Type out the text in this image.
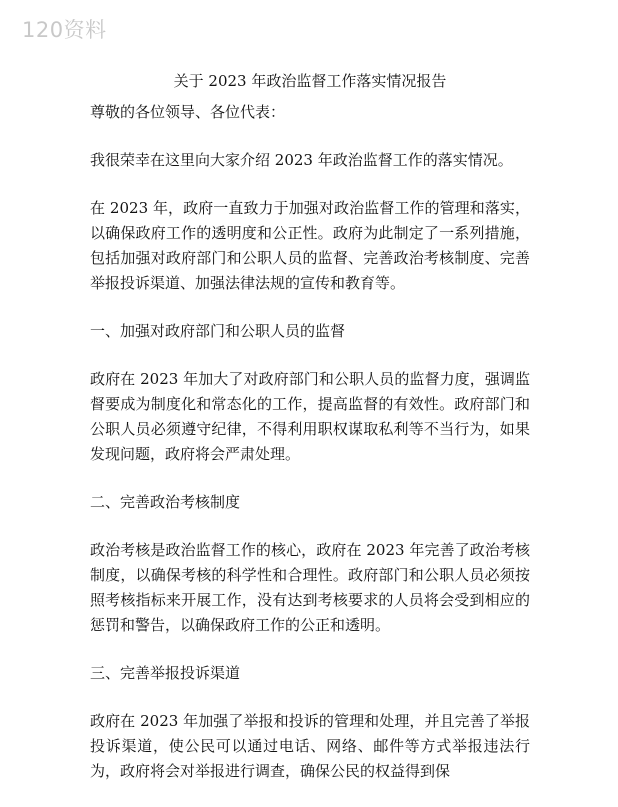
120资料
关于 2023 年政治监督工作落实情况报告

尊敬的各位领导、各位代表：

我很荣幸在这里向大家介绍 2023 年政治监督工作的落实情况。

在 2023 年，政府一直致力于加强对政治监督工作的管理和落实，以确保政府工作的透明度和公正性。政府为此制定了一系列措施，包括加强对政府部门和公职人员的监督、完善政治考核制度、完善举报投诉渠道、加强法律法规的宣传和教育等。

一、加强对政府部门和公职人员的监督

政府在 2023 年加大了对政府部门和公职人员的监督力度，强调监督要成为制度化和常态化的工作，提高监督的有效性。政府部门和公职人员必须遵守纪律，不得利用职权谋取私利等不当行为，如果发现问题，政府将会严肃处理。

二、完善政治考核制度

政治考核是政治监督工作的核心，政府在 2023 年完善了政治考核制度，以确保考核的科学性和合理性。政府部门和公职人员必须按照考核指标来开展工作，没有达到考核要求的人员将会受到相应的惩罚和警告，以确保政府工作的公正和透明。

三、完善举报投诉渠道

政府在 2023 年加强了举报和投诉的管理和处理，并且完善了举报投诉渠道，使公民可以通过电话、网络、邮件等方式举报违法行为，政府将会对举报进行调查，确保公民的权益得到保
